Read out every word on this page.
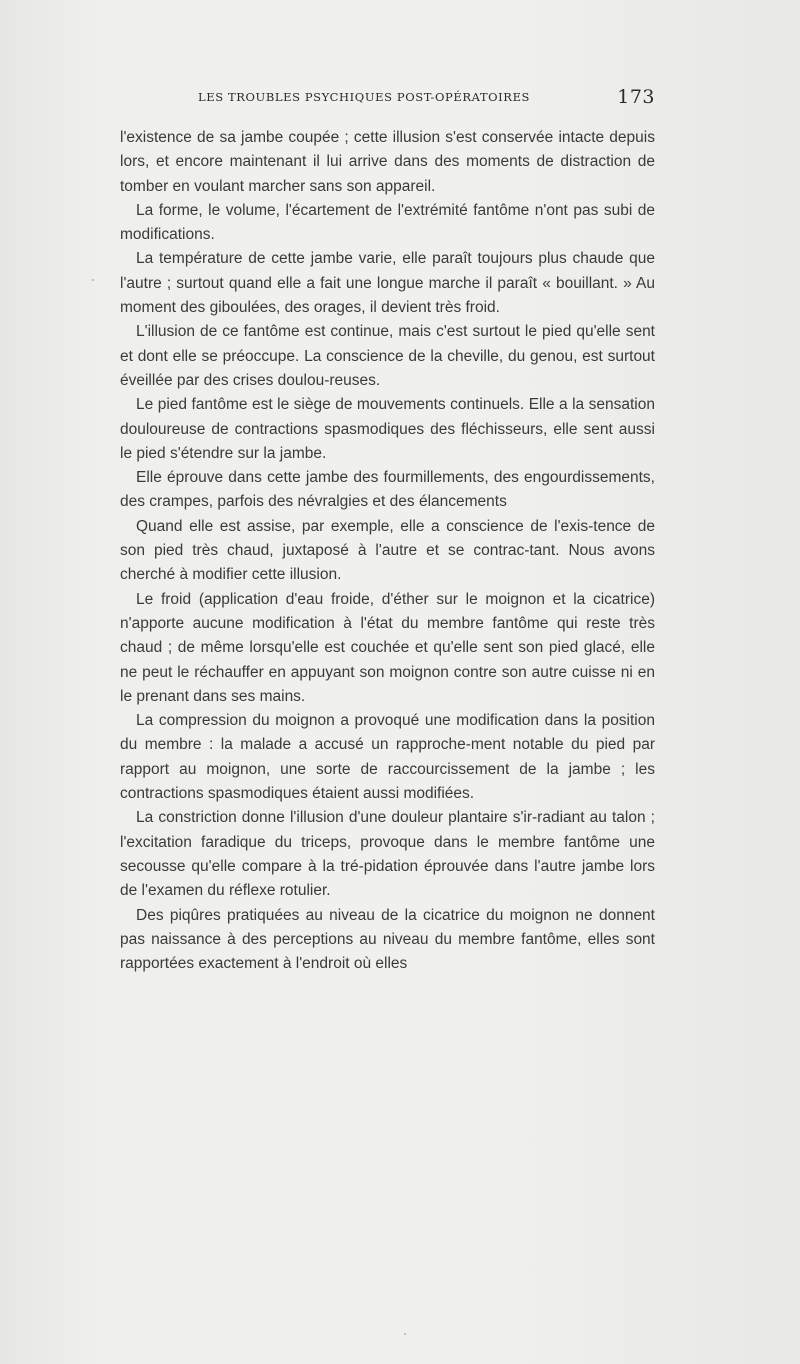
LES TROUBLES PSYCHIQUES POST-OPÉRATOIRES	173

l'existence de sa jambe coupée ; cette illusion s'est conservée intacte depuis lors, et encore maintenant il lui arrive dans des moments de distraction de tomber en voulant marcher sans son appareil.

La forme, le volume, l'écartement de l'extrémité fantôme n'ont pas subi de modifications.

La température de cette jambe varie, elle paraît toujours plus chaude que l'autre ; surtout quand elle a fait une longue marche il paraît « bouillant. » Au moment des giboulées, des orages, il devient très froid.

L'illusion de ce fantôme est continue, mais c'est surtout le pied qu'elle sent et dont elle se préoccupe. La conscience de la cheville, du genou, est surtout éveillée par des crises doulou-reuses.

Le pied fantôme est le siège de mouvements continuels. Elle a la sensation douloureuse de contractions spasmodiques des fléchisseurs, elle sent aussi le pied s'étendre sur la jambe.

Elle éprouve dans cette jambe des fourmillements, des engourdissements, des crampes, parfois des névralgies et des élancements

Quand elle est assise, par exemple, elle a conscience de l'exis-tence de son pied très chaud, juxtaposé à l'autre et se contrac-tant. Nous avons cherché à modifier cette illusion.

Le froid (application d'eau froide, d'éther sur le moignon et la cicatrice) n'apporte aucune modification à l'état du membre fantôme qui reste très chaud ; de même lorsqu'elle est couchée et qu'elle sent son pied glacé, elle ne peut le réchauffer en appuyant son moignon contre son autre cuisse ni en le prenant dans ses mains.

La compression du moignon a provoqué une modification dans la position du membre : la malade a accusé un rapproche-ment notable du pied par rapport au moignon, une sorte de raccourcissement de la jambe ; les contractions spasmodiques étaient aussi modifiées.

La constriction donne l'illusion d'une douleur plantaire s'ir-radiant au talon ; l'excitation faradique du triceps, provoque dans le membre fantôme une secousse qu'elle compare à la tré-pidation éprouvée dans l'autre jambe lors de l'examen du réflexe rotulier.

Des piqûres pratiquées au niveau de la cicatrice du moignon ne donnent pas naissance à des perceptions au niveau du membre fantôme, elles sont rapportées exactement à l'endroit où elles
